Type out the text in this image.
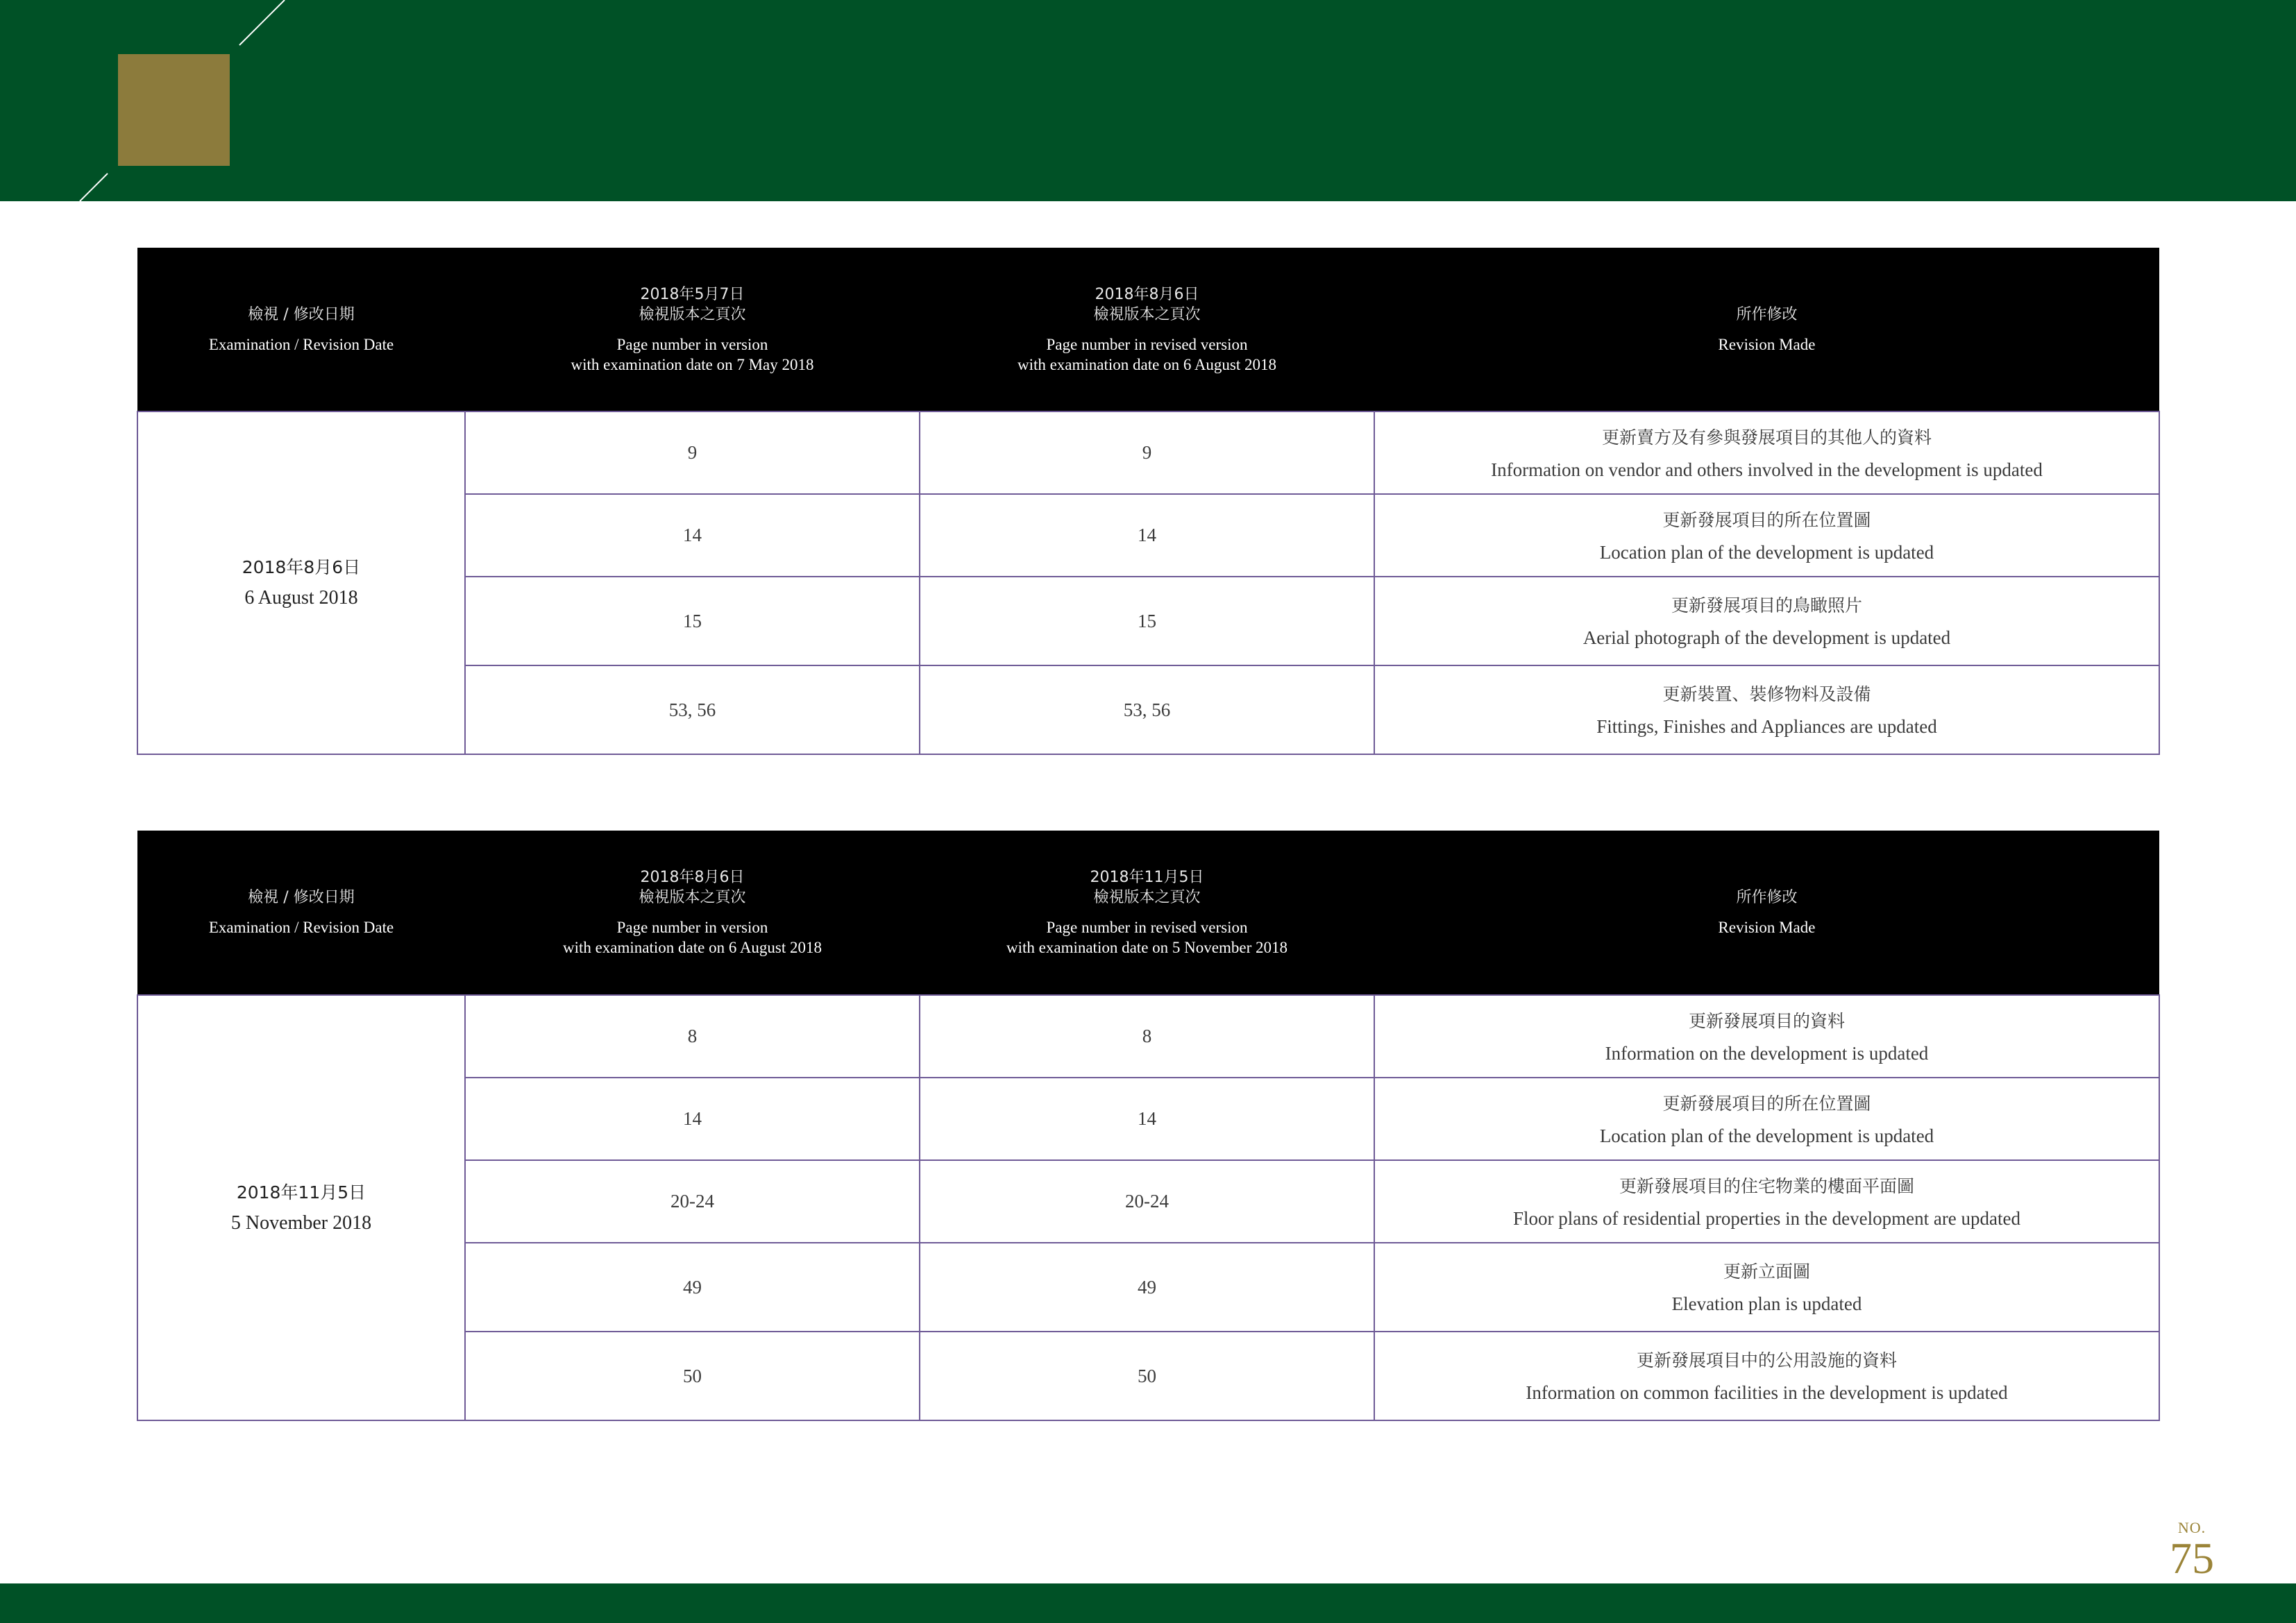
檢視 / 修改日期
Examination / Revision Date	2018年5月7日
檢視版本之頁次
Page number in version
with examination date on 7 May 2018	2018年8月6日
檢視版本之頁次
Page number in revised version
with examination date on 6 August 2018	所作修改
Revision Made

2018年8月6日
6 August 2018	9	9	更新賣方及有參與發展項目的其他人的資料
Information on vendor and others involved in the development is updated

	14	14	更新發展項目的所在位置圖
Location plan of the development is updated

	15	15	更新發展項目的鳥瞰照片
Aerial photograph of the development is updated

	53, 56	53, 56	更新裝置、裝修物料及設備
Fittings, Finishes and Appliances are updated
檢視 / 修改日期
Examination / Revision Date	2018年8月6日
檢視版本之頁次
Page number in version
with examination date on 6 August 2018	2018年11月5日
檢視版本之頁次
Page number in revised version
with examination date on 5 November 2018	所作修改
Revision Made

2018年11月5日
5 November 2018	8	8	更新發展項目的資料
Information on the development is updated

	14	14	更新發展項目的所在位置圖
Location plan of the development is updated

	20-24	20-24	更新發展項目的住宅物業的樓面平面圖
Floor plans of residential properties in the development are updated

	49	49	更新立面圖
Elevation plan is updated

	50	50	更新發展項目中的公用設施的資料
Information on common facilities in the development is updated
NO.
75
